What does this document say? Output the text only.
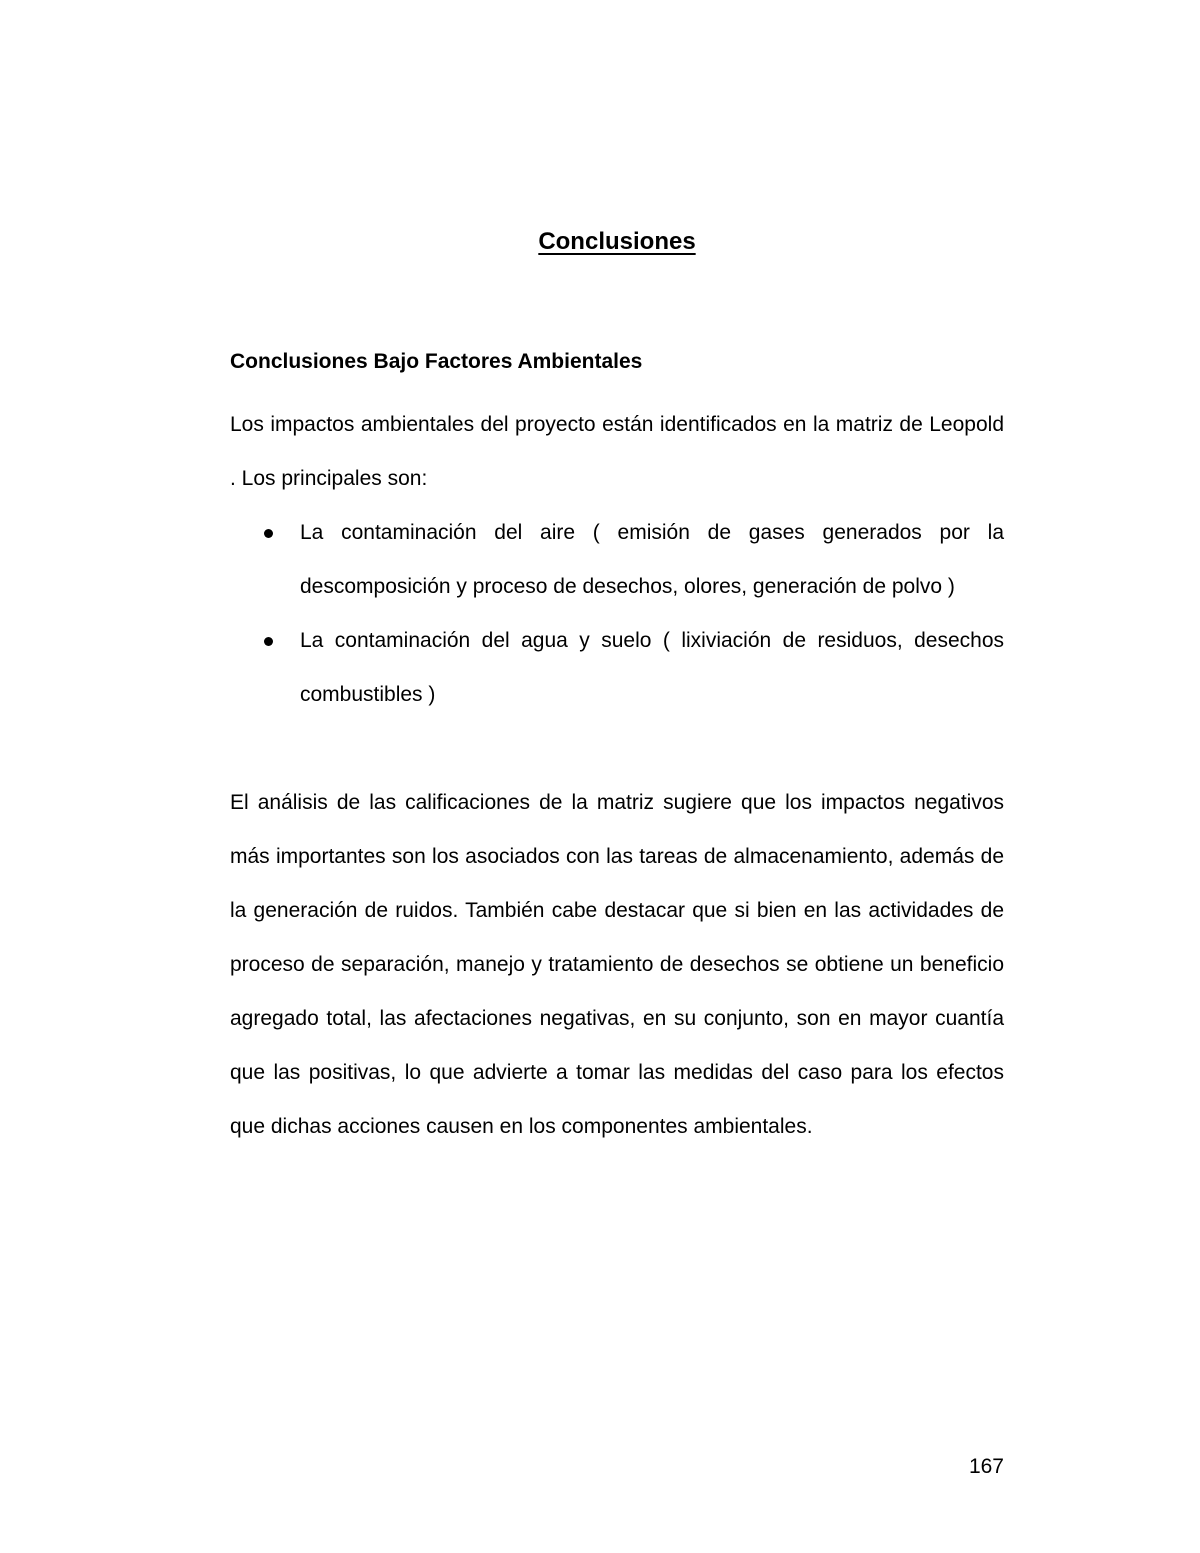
Conclusiones
Conclusiones Bajo Factores Ambientales

Los impactos ambientales del proyecto están identificados en la matriz de Leopold . Los principales son:

La contaminación del aire ( emisión de gases generados por la descomposición y proceso de desechos, olores, generación de polvo )
La contaminación del agua y suelo ( lixiviación de residuos, desechos combustibles )

El análisis de las calificaciones de la matriz sugiere que los impactos negativos más importantes son los asociados con las tareas de almacenamiento, además de la generación de ruidos. También cabe destacar que si bien en las actividades de proceso de separación, manejo y tratamiento de desechos se obtiene un beneficio agregado total, las afectaciones negativas, en su conjunto, son en mayor cuantía que las positivas, lo que advierte a tomar las medidas del caso para los efectos que dichas acciones causen en los componentes ambientales.

167
